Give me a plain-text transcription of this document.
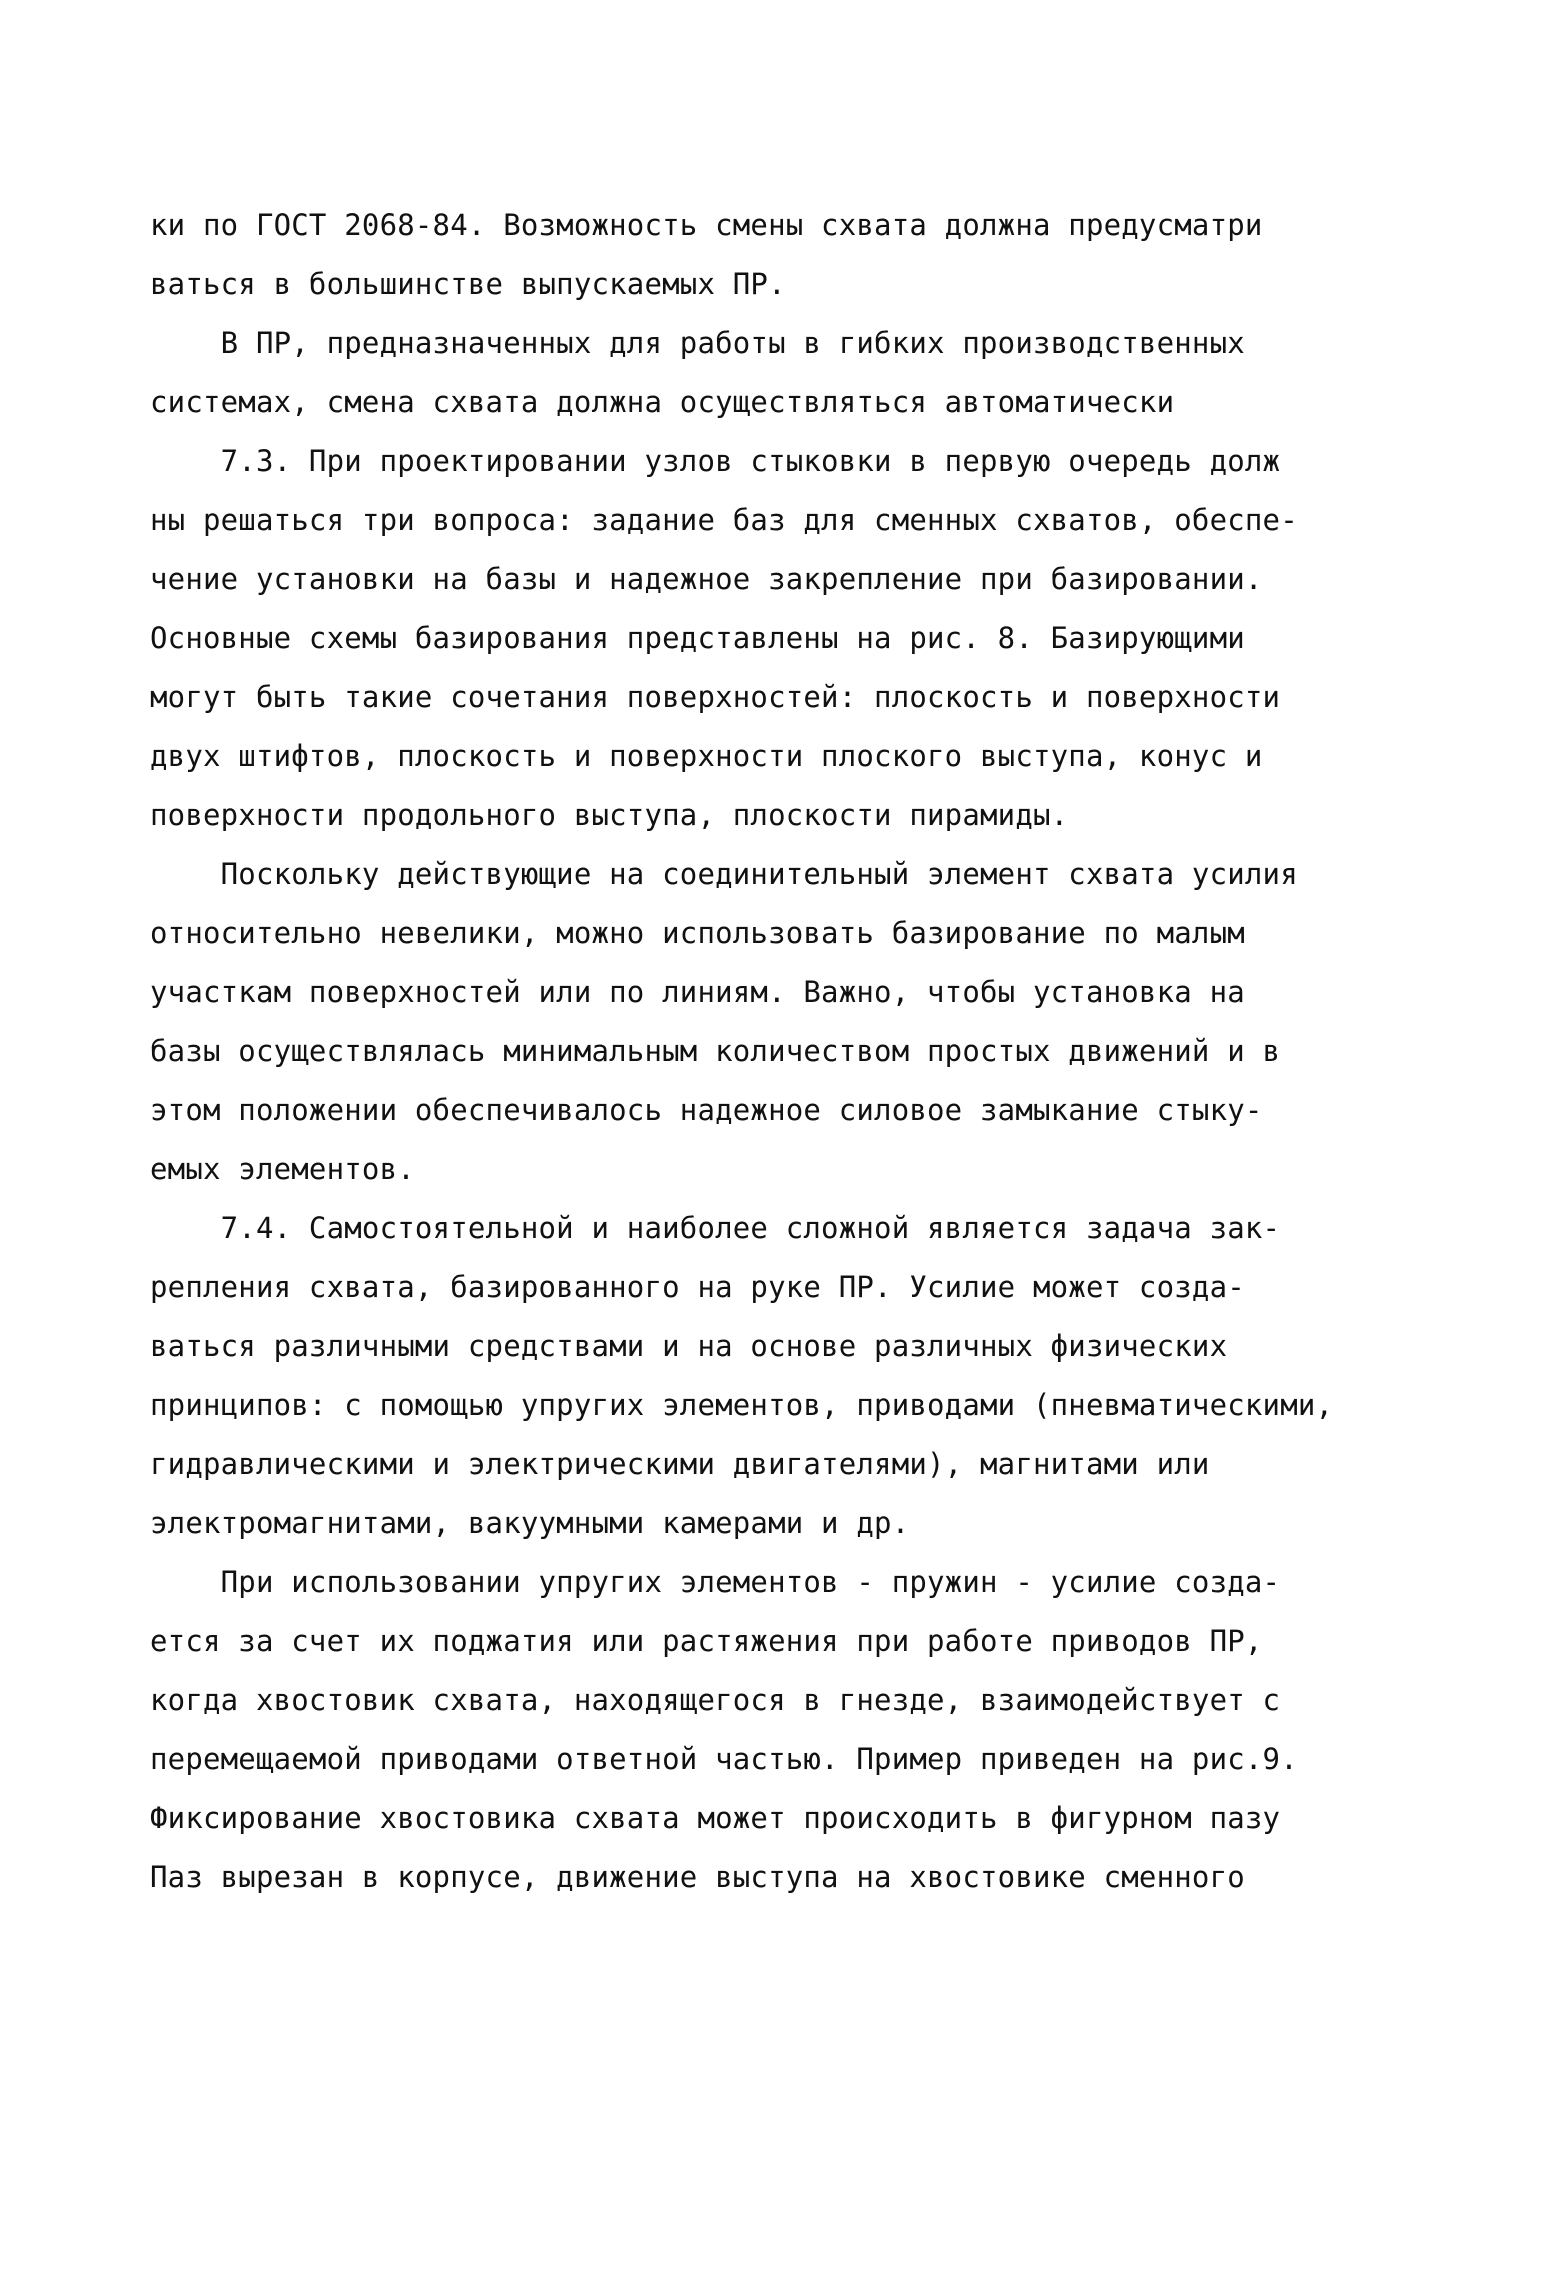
ки по ГОСТ 2068-84. Возможность смены схвата должна предусматри
ваться в большинстве выпускаемых ПР.
В ПР, предназначенных для работы в гибких производственных
системах, смена схвата должна осуществляться автоматически
7.3. При проектировании узлов стыковки в первую очередь долж
ны решаться три вопроса: задание баз для сменных схватов, обеспе-
чение установки на базы и надежное закрепление при базировании.
Основные схемы базирования представлены на рис. 8. Базирующими
могут быть такие сочетания поверхностей: плоскость и поверхности
двух штифтов, плоскость и поверхности плоского выступа, конус и
поверхности продольного выступа, плоскости пирамиды.
Поскольку действующие на соединительный элемент схвата усилия
относительно невелики, можно использовать базирование по малым
участкам поверхностей или по линиям. Важно, чтобы установка на
базы осуществлялась минимальным количеством простых движений и в
этом положении обеспечивалось надежное силовое замыкание стыку-
емых элементов.
7.4. Самостоятельной и наиболее сложной является задача зак-
репления схвата, базированного на руке ПР. Усилие может созда-
ваться различными средствами и на основе различных физических
принципов: с помощью упругих элементов, приводами (пневматическими,
гидравлическими и электрическими двигателями), магнитами или
электромагнитами, вакуумными камерами и др.
При использовании упругих элементов - пружин - усилие созда-
ется за счет их поджатия или растяжения при работе приводов ПР,
когда хвостовик схвата, находящегося в гнезде, взаимодействует с
перемещаемой приводами ответной частью. Пример приведен на рис.9.
Фиксирование хвостовика схвата может происходить в фигурном пазу
Паз вырезан в корпусе, движение выступа на хвостовике сменного
